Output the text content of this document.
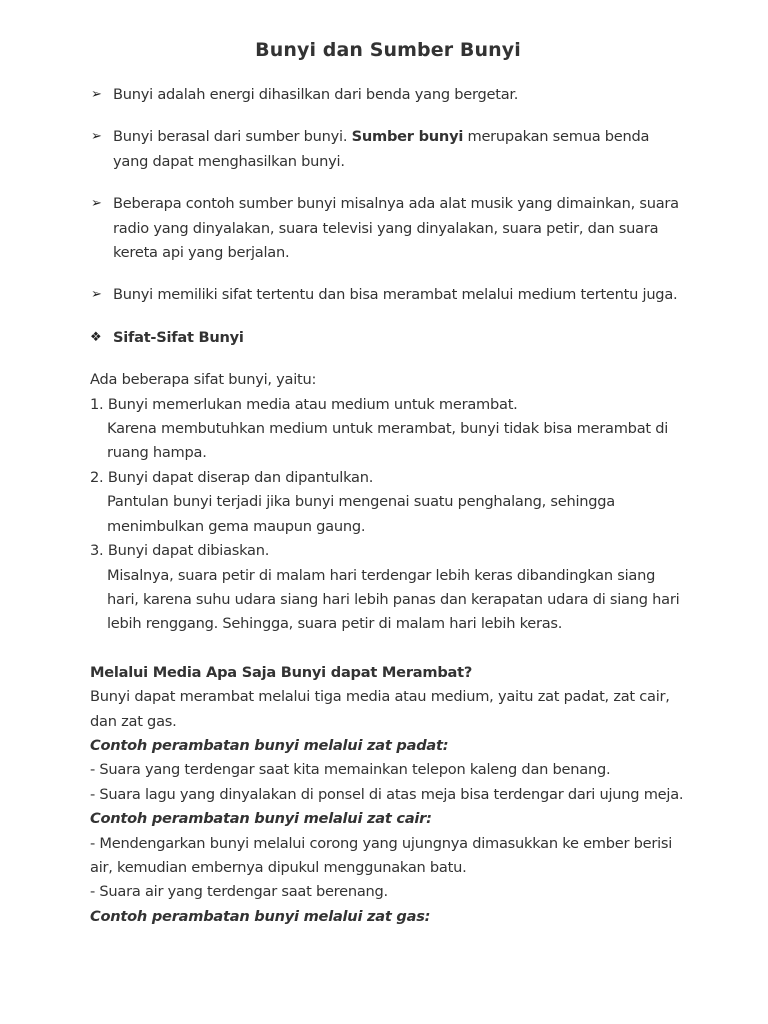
Bunyi dan Sumber Bunyi
➢ Bunyi adalah energi dihasilkan dari benda yang bergetar.
➢ Bunyi berasal dari sumber bunyi. Sumber bunyi merupakan semua benda yang dapat menghasilkan bunyi.
➢ Beberapa contoh sumber bunyi misalnya ada alat musik yang dimainkan, suara radio yang dinyalakan, suara televisi yang dinyalakan, suara petir, dan suara kereta api yang berjalan.
➢ Bunyi memiliki sifat tertentu dan bisa merambat melalui medium tertentu juga.
❖ Sifat-Sifat Bunyi

Ada beberapa sifat bunyi, yaitu:

1. Bunyi memerlukan media atau medium untuk merambat.

Karena membutuhkan medium untuk merambat, bunyi tidak bisa merambat di ruang hampa.

2. Bunyi dapat diserap dan dipantulkan.

Pantulan bunyi terjadi jika bunyi mengenai suatu penghalang, sehingga menimbulkan gema maupun gaung.

3. Bunyi dapat dibiaskan.

Misalnya, suara petir di malam hari terdengar lebih keras dibandingkan siang hari, karena suhu udara siang hari lebih panas dan kerapatan udara di siang hari lebih renggang. Sehingga, suara petir di malam hari lebih keras.

Melalui Media Apa Saja Bunyi dapat Merambat?

Bunyi dapat merambat melalui tiga media atau medium, yaitu zat padat, zat cair, dan zat gas.

Contoh perambatan bunyi melalui zat padat:

- Suara yang terdengar saat kita memainkan telepon kaleng dan benang.

- Suara lagu yang dinyalakan di ponsel di atas meja bisa terdengar dari ujung meja.

Contoh perambatan bunyi melalui zat cair:

- Mendengarkan bunyi melalui corong yang ujungnya dimasukkan ke ember berisi air, kemudian embernya dipukul menggunakan batu.

- Suara air yang terdengar saat berenang.

Contoh perambatan bunyi melalui zat gas:
